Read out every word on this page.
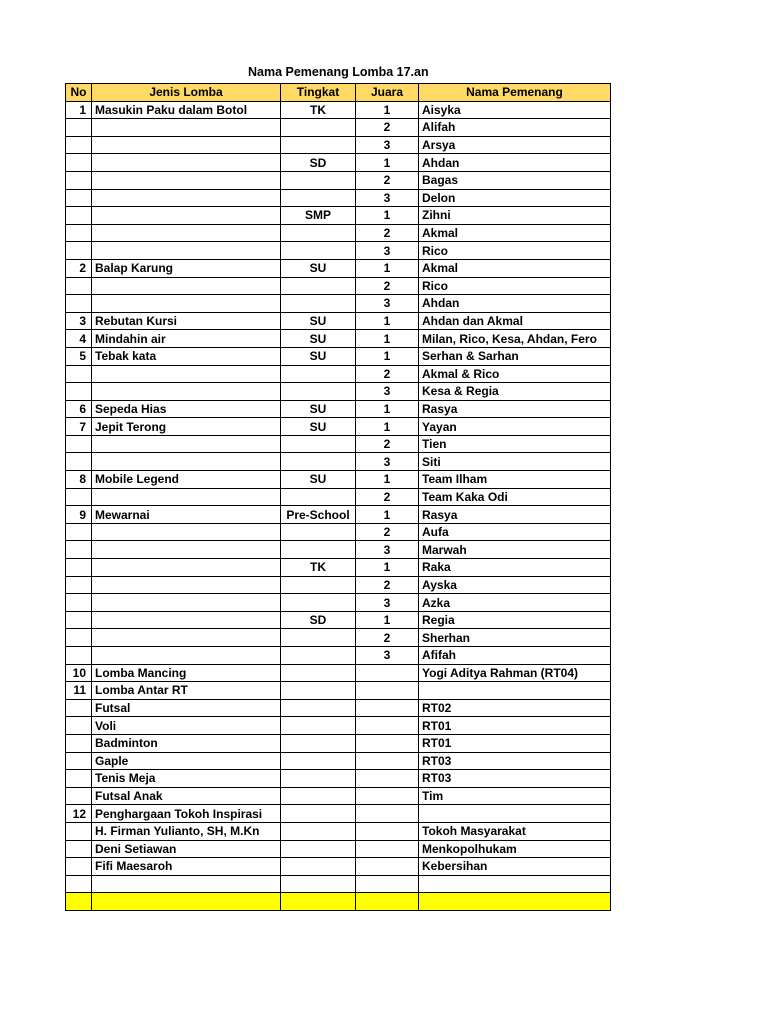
Nama Pemenang Lomba 17.an
No	Jenis Lomba	Tingkat	Juara	Nama Pemenang
1	Masukin Paku dalam Botol	TK	1	Aisyka
			2	Alifah
			3	Arsya
		SD	1	Ahdan
			2	Bagas
			3	Delon
		SMP	1	Zihni
			2	Akmal
			3	Rico
2	Balap Karung	SU	1	Akmal
			2	Rico
			3	Ahdan
3	Rebutan Kursi	SU	1	Ahdan dan Akmal
4	Mindahin air	SU	1	Milan, Rico, Kesa, Ahdan, Fero
5	Tebak kata	SU	1	Serhan & Sarhan
			2	Akmal & Rico
			3	Kesa & Regia
6	Sepeda Hias	SU	1	Rasya
7	Jepit Terong	SU	1	Yayan
			2	Tien
			3	Siti
8	Mobile Legend	SU	1	Team Ilham
			2	Team Kaka Odi
9	Mewarnai	Pre-School	1	Rasya
			2	Aufa
			3	Marwah
		TK	1	Raka
			2	Ayska
			3	Azka
		SD	1	Regia
			2	Sherhan
			3	Afifah
10	Lomba Mancing			Yogi Aditya Rahman (RT04)
11	Lomba Antar RT			
	Futsal			RT02
	Voli			RT01
	Badminton			RT01
	Gaple			RT03
	Tenis Meja			RT03
	Futsal Anak			Tim
12	Penghargaan Tokoh Inspirasi			
	H. Firman Yulianto, SH, M.Kn			Tokoh Masyarakat
	Deni Setiawan			Menkopolhukam
	Fifi Maesaroh			Kebersihan
